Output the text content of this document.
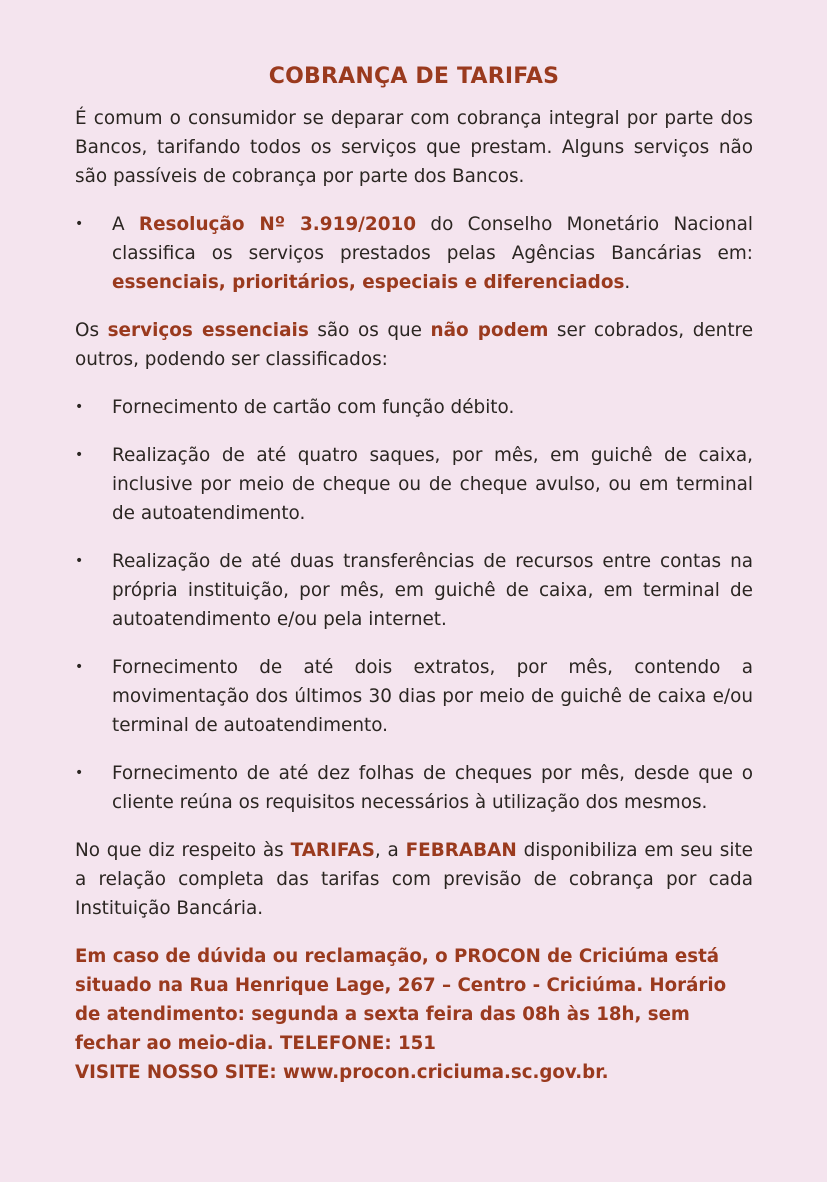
COBRANÇA DE TARIFAS

É comum o consumidor se deparar com cobrança integral por parte dos Bancos, tarifando todos os serviços que prestam. Alguns serviços não são passíveis de cobrança por parte dos Bancos.

• A Resolução Nº 3.919/2010 do Conselho Monetário Nacional classifica os serviços prestados pelas Agências Bancárias em: essenciais, prioritários, especiais e diferenciados.

Os serviços essenciais são os que não podem ser cobrados, dentre outros, podendo ser classificados:

• Fornecimento de cartão com função débito.
• Realização de até quatro saques, por mês, em guichê de caixa, inclusive por meio de cheque ou de cheque avulso, ou em terminal de autoatendimento.
• Realização de até duas transferências de recursos entre contas na própria instituição, por mês, em guichê de caixa, em terminal de autoatendimento e/ou pela internet.
• Fornecimento de até dois extratos, por mês, contendo a movimentação dos últimos 30 dias por meio de guichê de caixa e/ou terminal de autoatendimento.
• Fornecimento de até dez folhas de cheques por mês, desde que o cliente reúna os requisitos necessários à utilização dos mesmos.

No que diz respeito às TARIFAS, a FEBRABAN disponibiliza em seu site a relação completa das tarifas com previsão de cobrança por cada Instituição Bancária.

Em caso de dúvida ou reclamação, o PROCON de Criciúma está situado na Rua Henrique Lage, 267 – Centro - Criciúma. Horário de atendimento: segunda a sexta feira das 08h às 18h, sem fechar ao meio-dia. TELEFONE: 151
VISITE NOSSO SITE: www.procon.criciuma.sc.gov.br.
